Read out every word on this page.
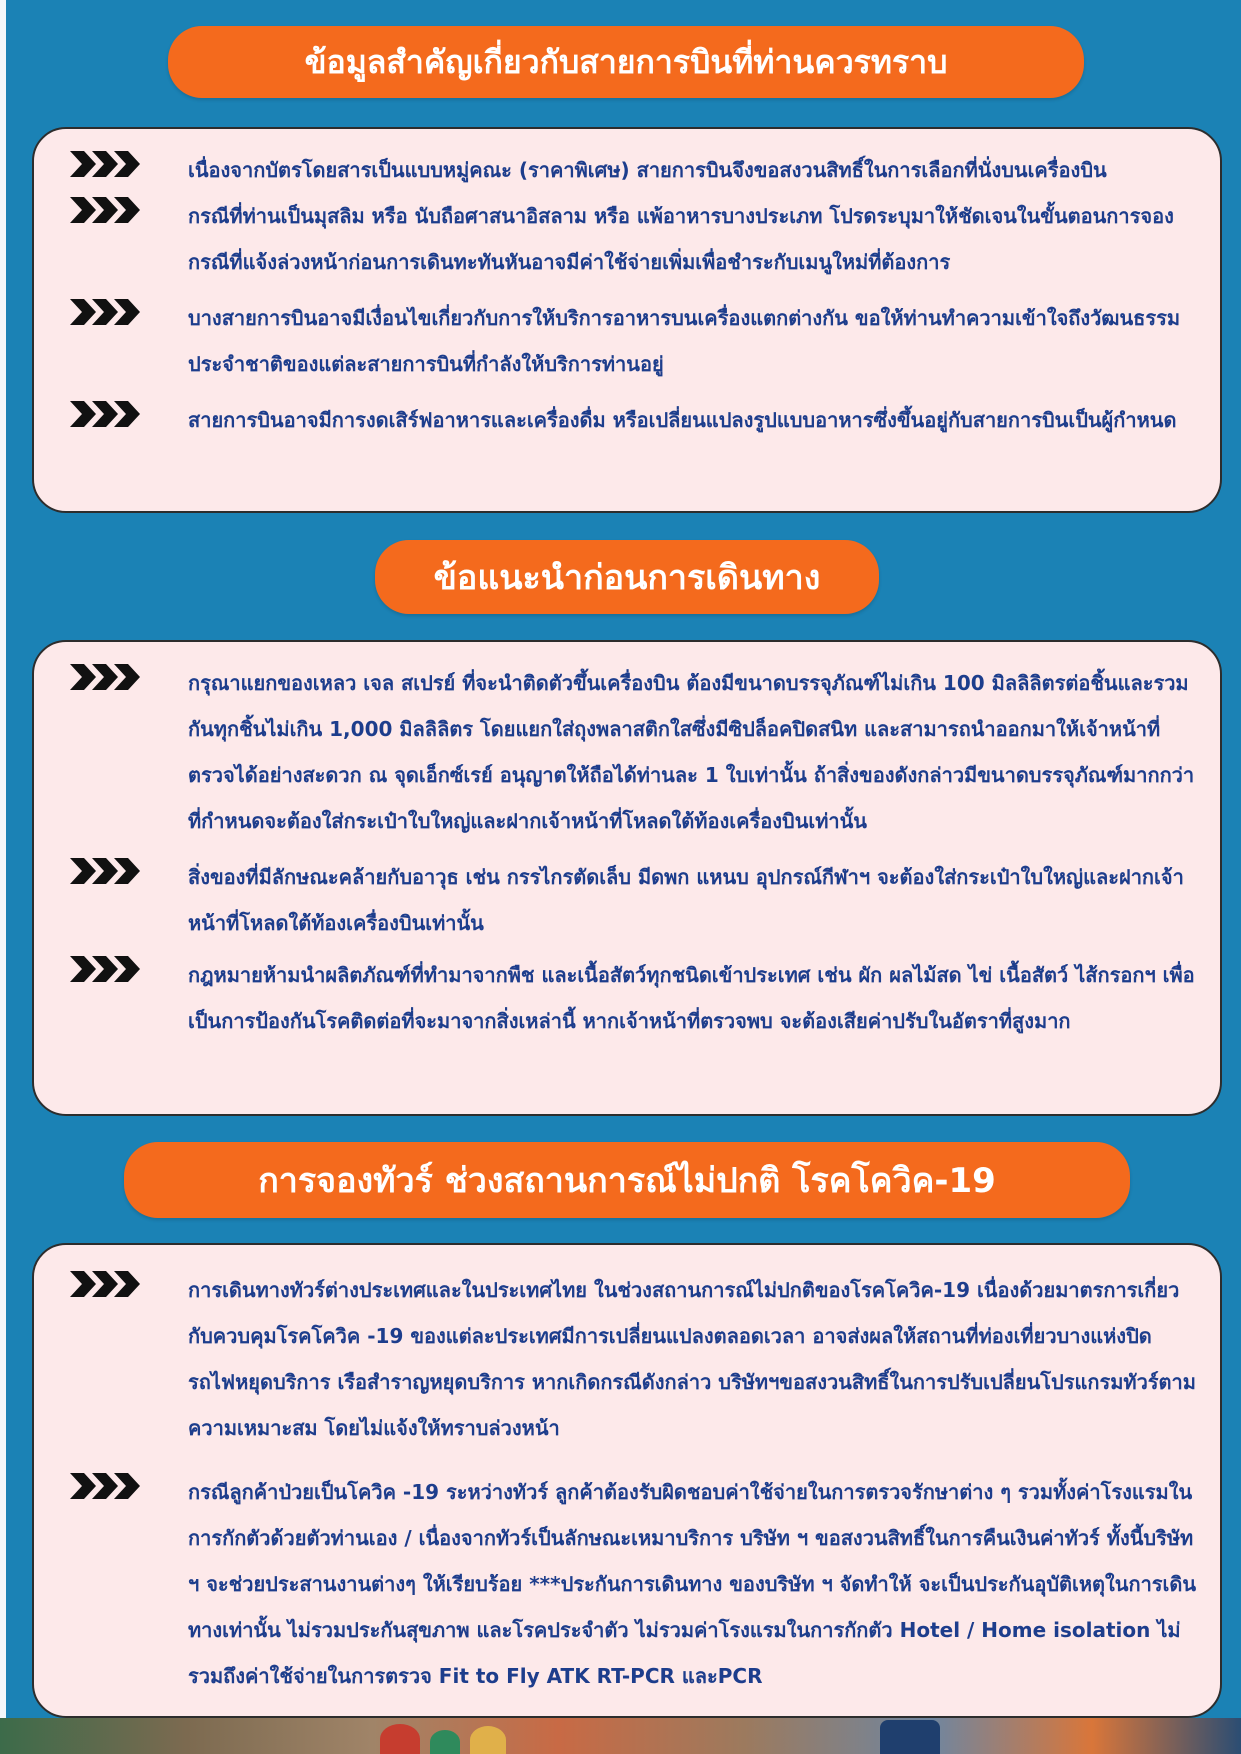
ข้อมูลสำคัญเกี่ยวกับสายการบินที่ท่านควรทราบ
เนื่องจากบัตรโดยสารเป็นแบบหมู่คณะ (ราคาพิเศษ) สายการบินจึงขอสงวนสิทธิ์ในการเลือกที่นั่งบนเครื่องบิน
กรณีที่ท่านเป็นมุสลิม หรือ นับถือศาสนาอิสลาม หรือ แพ้อาหารบางประเภท โปรดระบุมาให้ชัดเจนในขั้นตอนการจอง กรณีที่แจ้งล่วงหน้าก่อนการเดินทะทันหันอาจมีค่าใช้จ่ายเพิ่มเพื่อชำระกับเมนูใหม่ที่ต้องการ
บางสายการบินอาจมีเงื่อนไขเกี่ยวกับการให้บริการอาหารบนเครื่องแตกต่างกัน ขอให้ท่านทำความเข้าใจถึงวัฒนธรรมประจำชาติของแต่ละสายการบินที่กำลังให้บริการท่านอยู่
สายการบินอาจมีการงดเสิร์ฟอาหารและเครื่องดื่ม หรือเปลี่ยนแปลงรูปแบบอาหารซึ่งขึ้นอยู่กับสายการบินเป็นผู้กำหนด
ข้อแนะนำก่อนการเดินทาง
กรุณาแยกของเหลว เจล สเปรย์ ที่จะนำติดตัวขึ้นเครื่องบิน ต้องมีขนาดบรรจุภัณฑ์ไม่เกิน 100 มิลลิลิตรต่อชิ้นและรวมกันทุกชิ้นไม่เกิน 1,000 มิลลิลิตร โดยแยกใส่ถุงพลาสติกใสซึ่งมีซิปล็อคปิดสนิท และสามารถนำออกมาให้เจ้าหน้าที่ตรวจได้อย่างสะดวก ณ จุดเอ็กซ์เรย์ อนุญาตให้ถือได้ท่านละ 1 ใบเท่านั้น ถ้าสิ่งของดังกล่าวมีขนาดบรรจุภัณฑ์มากกว่าที่กำหนดจะต้องใส่กระเป๋าใบใหญ่และฝากเจ้าหน้าที่โหลดใต้ท้องเครื่องบินเท่านั้น
สิ่งของที่มีลักษณะคล้ายกับอาวุธ เช่น กรรไกรตัดเล็บ มีดพก แหนบ อุปกรณ์กีฬาฯ จะต้องใส่กระเป๋าใบใหญ่และฝากเจ้าหน้าที่โหลดใต้ท้องเครื่องบินเท่านั้น
กฎหมายห้ามนำผลิตภัณฑ์ที่ทำมาจากพืช และเนื้อสัตว์ทุกชนิดเข้าประเทศ เช่น ผัก ผลไม้สด ไข่ เนื้อสัตว์ ไส้กรอกฯ เพื่อเป็นการป้องกันโรคติดต่อที่จะมาจากสิ่งเหล่านี้ หากเจ้าหน้าที่ตรวจพบ จะต้องเสียค่าปรับในอัตราที่สูงมาก
การจองทัวร์ ช่วงสถานการณ์ไม่ปกติ โรคโควิค-19
การเดินทางทัวร์ต่างประเทศและในประเทศไทย ในช่วงสถานการณ์ไม่ปกติของโรคโควิค-19 เนื่องด้วยมาตรการเกี่ยวกับควบคุมโรคโควิค -19 ของแต่ละประเทศมีการเปลี่ยนแปลงตลอดเวลา อาจส่งผลให้สถานที่ท่องเที่ยวบางแห่งปิด รถไฟหยุดบริการ เรือสำราญหยุดบริการ หากเกิดกรณีดังกล่าว บริษัทฯขอสงวนสิทธิ์ในการปรับเปลี่ยนโปรแกรมทัวร์ตามความเหมาะสม โดยไม่แจ้งให้ทราบล่วงหน้า
กรณีลูกค้าป่วยเป็นโควิค -19 ระหว่างทัวร์ ลูกค้าต้องรับผิดชอบค่าใช้จ่ายในการตรวจรักษาต่าง ๆ รวมทั้งค่าโรงแรมในการกักตัวด้วยตัวท่านเอง / เนื่องจากทัวร์เป็นลักษณะเหมาบริการ บริษัท ฯ ขอสงวนสิทธิ์ในการคืนเงินค่าทัวร์ ทั้งนี้บริษัท ฯ จะช่วยประสานงานต่างๆ ให้เรียบร้อย ***ประกันการเดินทาง ของบริษัท ฯ จัดทำให้ จะเป็นประกันอุบัติเหตุในการเดินทางเท่านั้น ไม่รวมประกันสุขภาพ และโรคประจำตัว ไม่รวมค่าโรงแรมในการกักตัว Hotel / Home isolation ไม่รวมถึงค่าใช้จ่ายในการตรวจ Fit to Fly ATK RT-PCR และPCR
